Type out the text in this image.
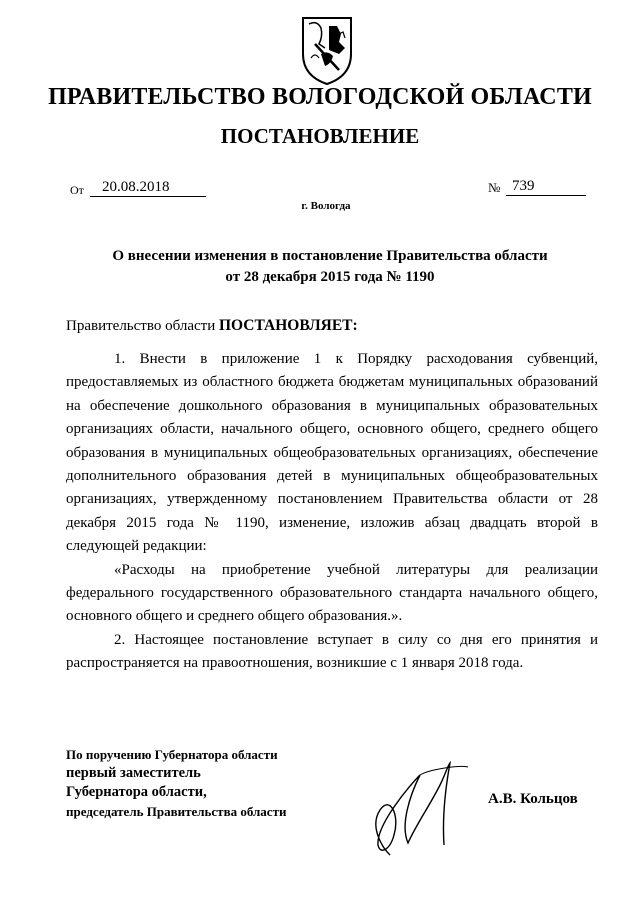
ПРАВИТЕЛЬСТВО ВОЛОГОДСКОЙ ОБЛАСТИ
ПОСТАНОВЛЕНИЕ
От	20.08.2018	№ 739
г. Вологда
О внесении изменения в постановление Правительства области
от 28 декабря 2015 года № 1190
Правительство области ПОСТАНОВЛЯЕТ:

1. Внести в приложение 1 к Порядку расходования субвенций, предоставляемых из областного бюджета бюджетам муниципальных образований на обеспечение дошкольного образования в муниципальных образовательных организациях области, начального общего, основного общего, среднего общего образования в муниципальных общеобразовательных организациях, обеспечение дополнительного образования детей в муниципальных общеобразовательных организациях, утвержденному постановлением Правительства области от 28 декабря 2015 года № 1190, изменение, изложив абзац двадцать второй в следующей редакции:

«Расходы на приобретение учебной литературы для реализации федерального государственного образовательного стандарта начального общего, основного общего и среднего общего образования.».

2. Настоящее постановление вступает в силу со дня его принятия и распространяется на правоотношения, возникшие с 1 января 2018 года.

По поручению Губернатора области
первый заместитель
Губернатора области,
председатель Правительства области
А.В. Кольцов
